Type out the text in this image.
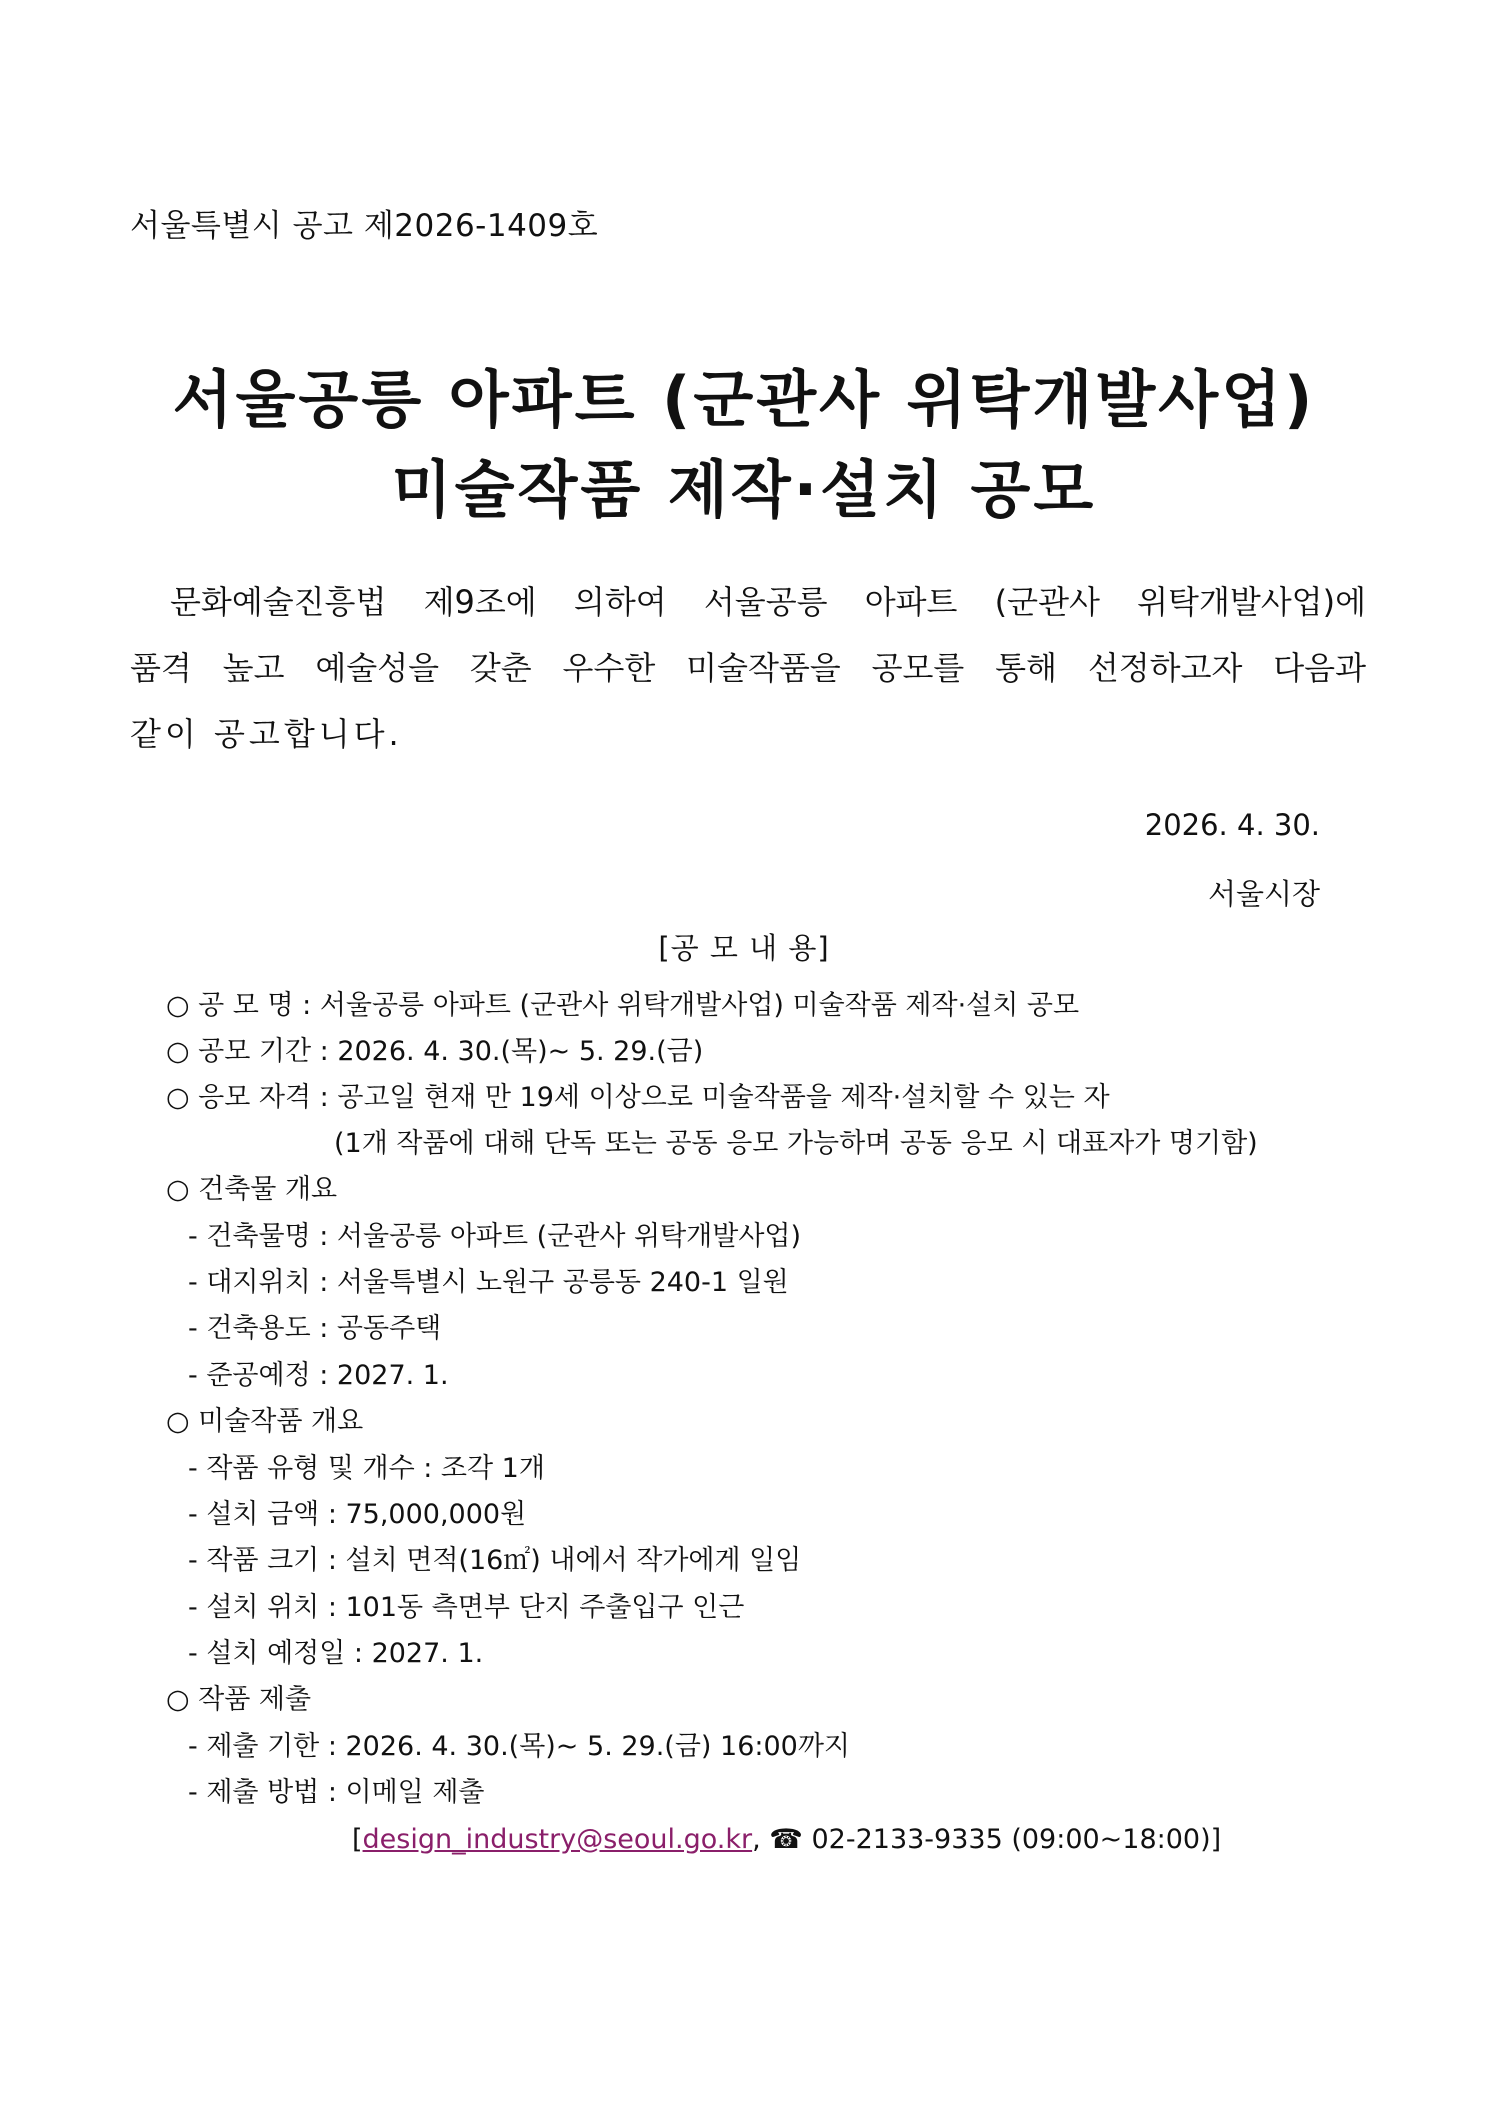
서울특별시 공고 제2026-1409호
서울공릉 아파트 (군관사 위탁개발사업)
미술작품 제작·설치 공모
문화예술진흥법 제9조에 의하여 서울공릉 아파트 (군관사 위탁개발사업)에
품격 높고 예술성을 갖춘 우수한 미술작품을 공모를 통해 선정하고자 다음과
같이 공고합니다.
2026. 4. 30.
서울시장
[공 모 내 용]
○ 공 모 명 : 서울공릉 아파트 (군관사 위탁개발사업) 미술작품 제작·설치 공모
○ 공모 기간 : 2026. 4. 30.(목)~ 5. 29.(금)
○ 응모 자격 : 공고일 현재 만 19세 이상으로 미술작품을 제작·설치할 수 있는 자
(1개 작품에 대해 단독 또는 공동 응모 가능하며 공동 응모 시 대표자가 명기함)
○ 건축물 개요
- 건축물명 : 서울공릉 아파트 (군관사 위탁개발사업)
- 대지위치 : 서울특별시 노원구 공릉동 240-1 일원
- 건축용도 : 공동주택
- 준공예정 : 2027. 1.
○ 미술작품 개요
- 작품 유형 및 개수 : 조각 1개
- 설치 금액 : 75,000,000원
- 작품 크기 : 설치 면적(16㎡) 내에서 작가에게 일임
- 설치 위치 : 101동 측면부 단지 주출입구 인근
- 설치 예정일 : 2027. 1.
○ 작품 제출
- 제출 기한 : 2026. 4. 30.(목)~ 5. 29.(금) 16:00까지
- 제출 방법 : 이메일 제출
[design_industry@seoul.go.kr, ☎ 02-2133-9335 (09:00~18:00)]
